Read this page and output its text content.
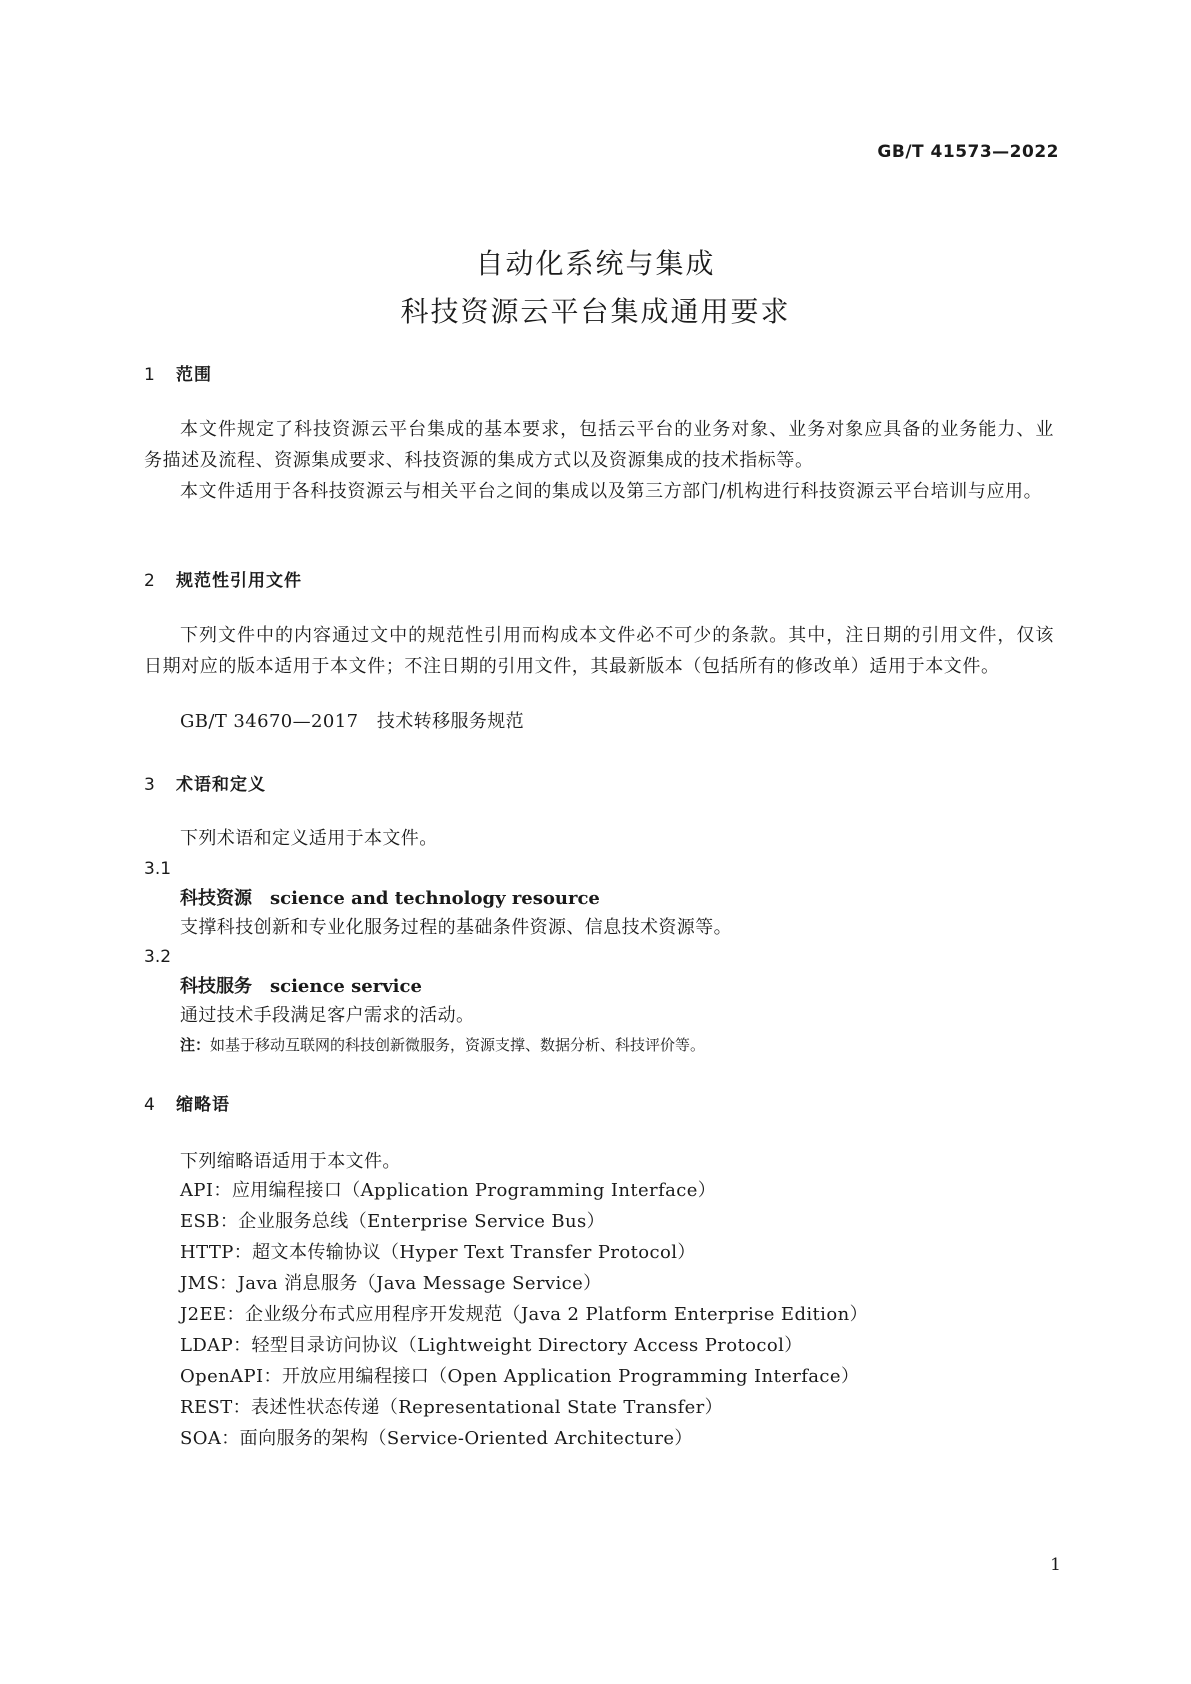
GB/T 41573—2022
自动化系统与集成
科技资源云平台集成通用要求
1 范围
本文件规定了科技资源云平台集成的基本要求，包括云平台的业务对象、业务对象应具备的业务能力、业务描述及流程、资源集成要求、科技资源的集成方式以及资源集成的技术指标等。
本文件适用于各科技资源云与相关平台之间的集成以及第三方部门/机构进行科技资源云平台培训与应用。
2 规范性引用文件
下列文件中的内容通过文中的规范性引用而构成本文件必不可少的条款。其中，注日期的引用文件，仅该日期对应的版本适用于本文件；不注日期的引用文件，其最新版本（包括所有的修改单）适用于本文件。
GB/T 34670—2017　技术转移服务规范
3 术语和定义
下列术语和定义适用于本文件。
3.1
科技资源 science and technology resource
支撑科技创新和专业化服务过程的基础条件资源、信息技术资源等。
3.2
科技服务 science service
通过技术手段满足客户需求的活动。
注：如基于移动互联网的科技创新微服务，资源支撑、数据分析、科技评价等。
4 缩略语
下列缩略语适用于本文件。
API：应用编程接口（Application Programming Interface）
ESB：企业服务总线（Enterprise Service Bus）
HTTP：超文本传输协议（Hyper Text Transfer Protocol）
JMS：Java 消息服务（Java Message Service）
J2EE：企业级分布式应用程序开发规范（Java 2 Platform Enterprise Edition）
LDAP：轻型目录访问协议（Lightweight Directory Access Protocol）
OpenAPI：开放应用编程接口（Open Application Programming Interface）
REST：表述性状态传递（Representational State Transfer）
SOA：面向服务的架构（Service-Oriented Architecture）
1
